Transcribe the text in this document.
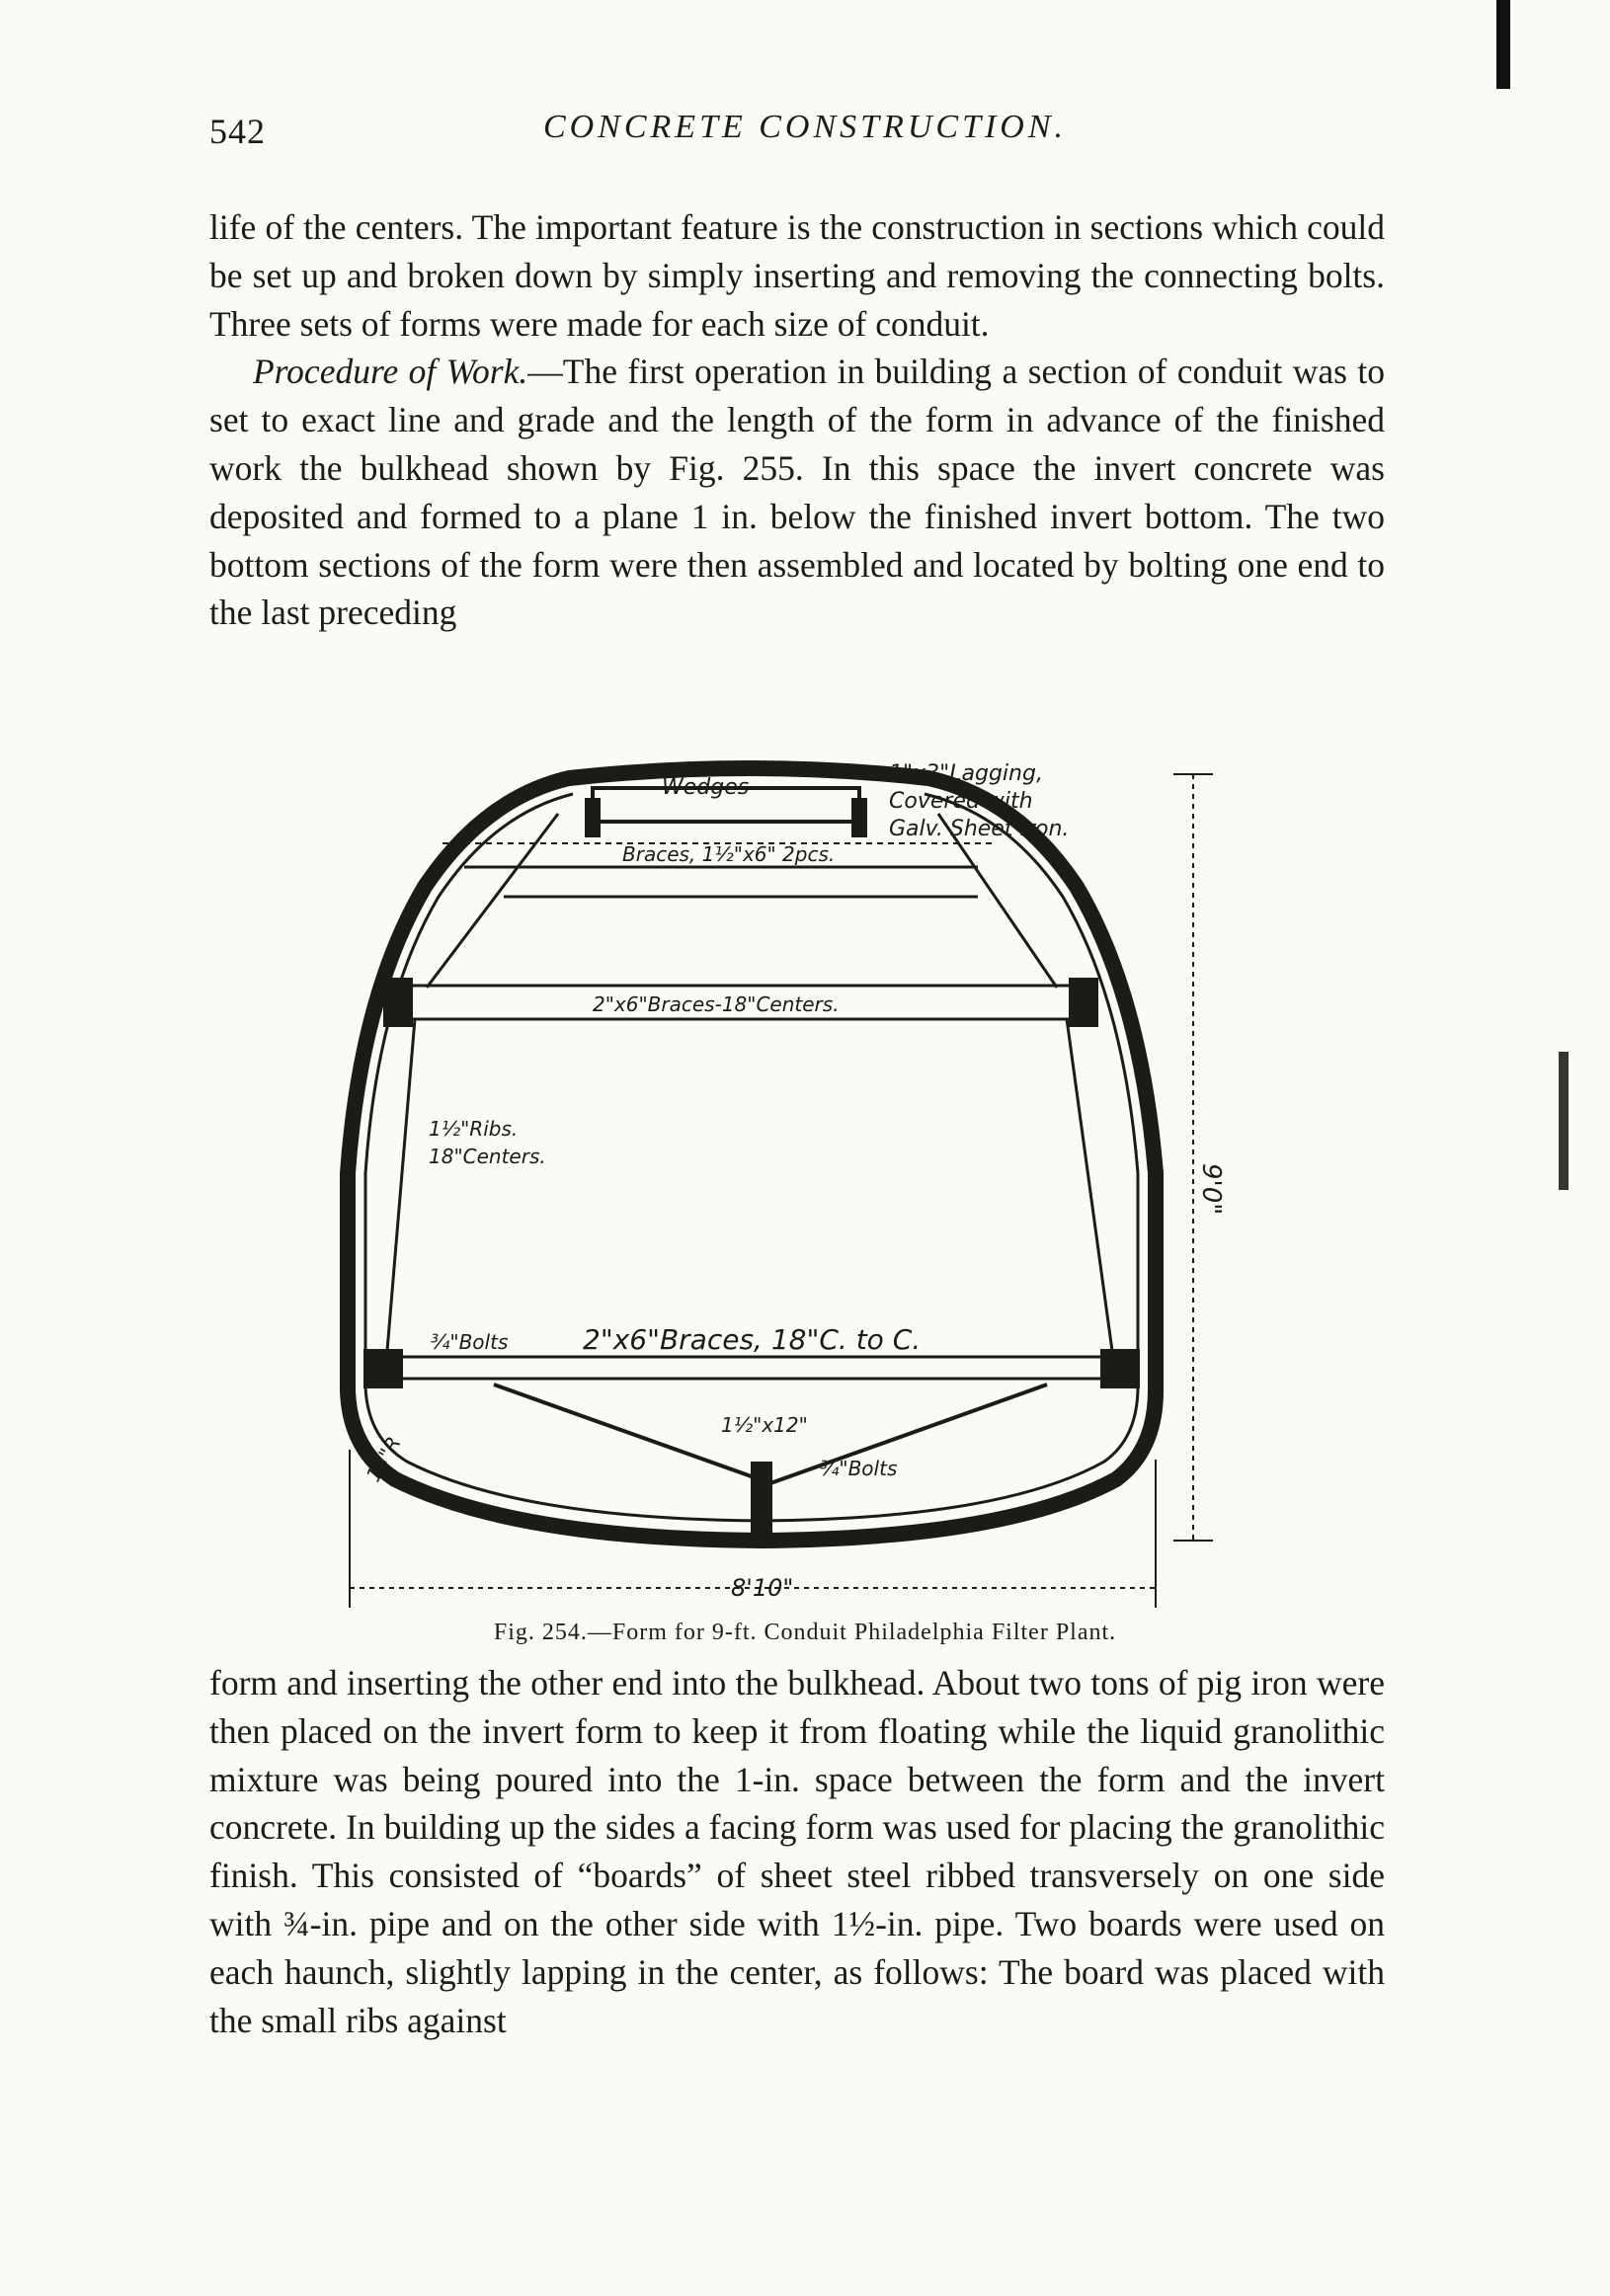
542	CONCRETE CONSTRUCTION.

life of the centers. The important feature is the construction in sections which could be set up and broken down by simply inserting and removing the connecting bolts. Three sets of forms were made for each size of conduit.

Procedure of Work.—The first operation in building a section of conduit was to set to exact line and grade and the length of the form in advance of the finished work the bulkhead shown by Fig. 255. In this space the invert concrete was deposited and formed to a plane 1 in. below the finished invert bottom. The two bottom sections of the form were then assembled and located by bolting one end to the last preceding

Wedges
1"x3"Lagging,
Covered with
Galv. Sheet Iron.
Braces, 1½"x6" 2pcs.
2"x6"Braces-18"Centers.
1½"Ribs.
18"Centers.
¾"Bolts	2"x6"Braces, 18"C. to C.
18"R
1½"x12"
¾"Bolts
9'0"
8'10"
Fig. 254.—Form for 9-ft. Conduit Philadelphia Filter Plant.

form and inserting the other end into the bulkhead. About two tons of pig iron were then placed on the invert form to keep it from floating while the liquid granolithic mixture was being poured into the 1-in. space between the form and the invert concrete. In building up the sides a facing form was used for placing the granolithic finish. This consisted of “boards” of sheet steel ribbed transversely on one side with ¾-in. pipe and on the other side with 1½-in. pipe. Two boards were used on each haunch, slightly lapping in the center, as follows: The board was placed with the small ribs against
